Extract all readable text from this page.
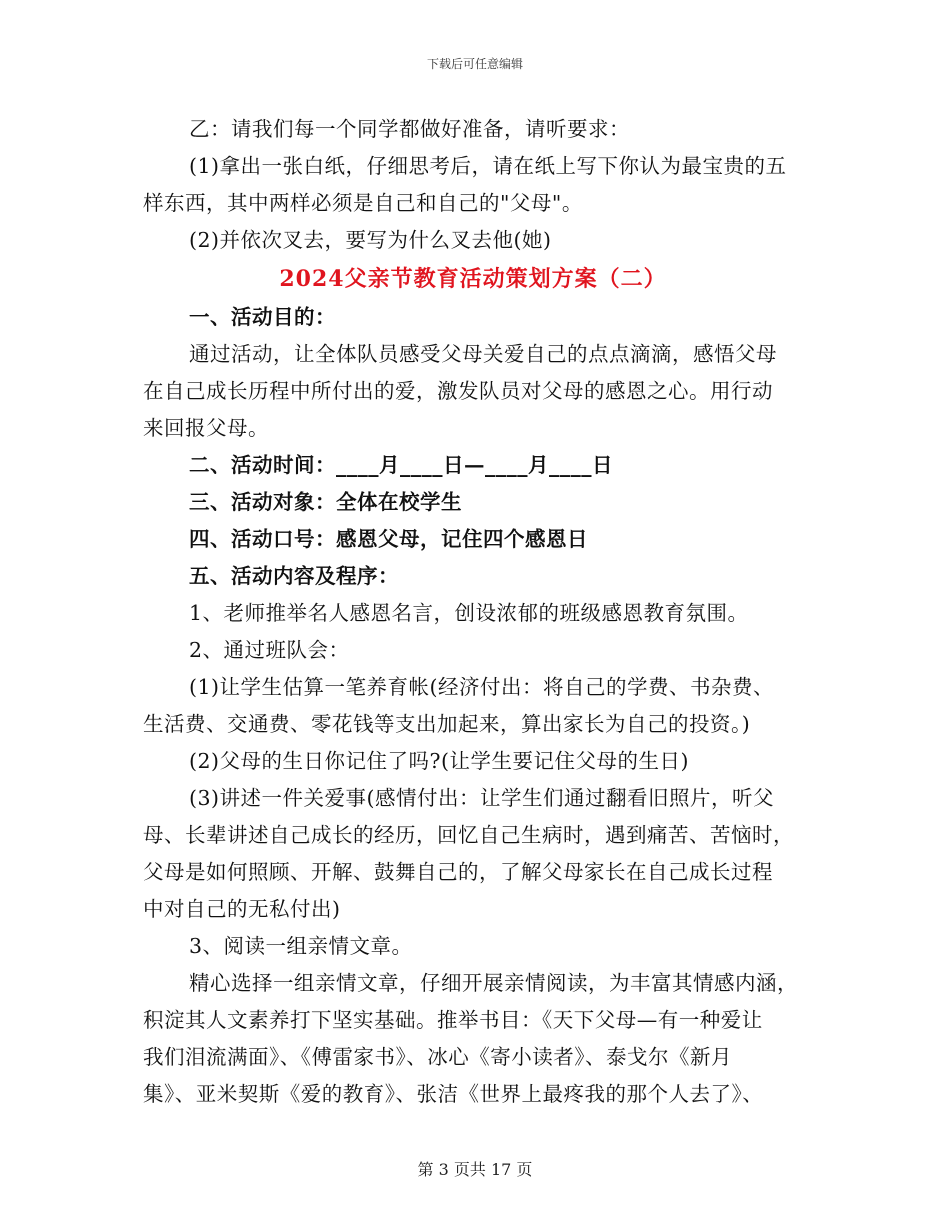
下载后可任意编辑
乙：请我们每一个同学都做好准备，请听要求：
(1)拿出一张白纸，仔细思考后，请在纸上写下你认为最宝贵的五
样东西，其中两样必须是自己和自己的"父母"。
(2)并依次叉去，要写为什么叉去他(她)
2024父亲节教育活动策划方案（二）
一、活动目的：
通过活动，让全体队员感受父母关爱自己的点点滴滴，感悟父母
在自己成长历程中所付出的爱，激发队员对父母的感恩之心。用行动
来回报父母。
二、活动时间：____月____日—____月____日
三、活动对象：全体在校学生
四、活动口号：感恩父母，记住四个感恩日
五、活动内容及程序：
1、老师推举名人感恩名言，创设浓郁的班级感恩教育氛围。
2、通过班队会：
(1)让学生估算一笔养育帐(经济付出：将自己的学费、书杂费、
生活费、交通费、零花钱等支出加起来，算出家长为自己的投资。)
(2)父母的生日你记住了吗?(让学生要记住父母的生日)
(3)讲述一件关爱事(感情付出：让学生们通过翻看旧照片，听父
母、长辈讲述自己成长的经历，回忆自己生病时，遇到痛苦、苦恼时，
父母是如何照顾、开解、鼓舞自己的，了解父母家长在自己成长过程
中对自己的无私付出)
3、阅读一组亲情文章。
精心选择一组亲情文章，仔细开展亲情阅读，为丰富其情感内涵，
积淀其人文素养打下坚实基础。推举书目：《天下父母—有一种爱让
我们泪流满面》、《傅雷家书》、冰心《寄小读者》、泰戈尔《新月
集》、亚米契斯《爱的教育》、张洁《世界上最疼我的那个人去了》、
第 3 页共 17 页
